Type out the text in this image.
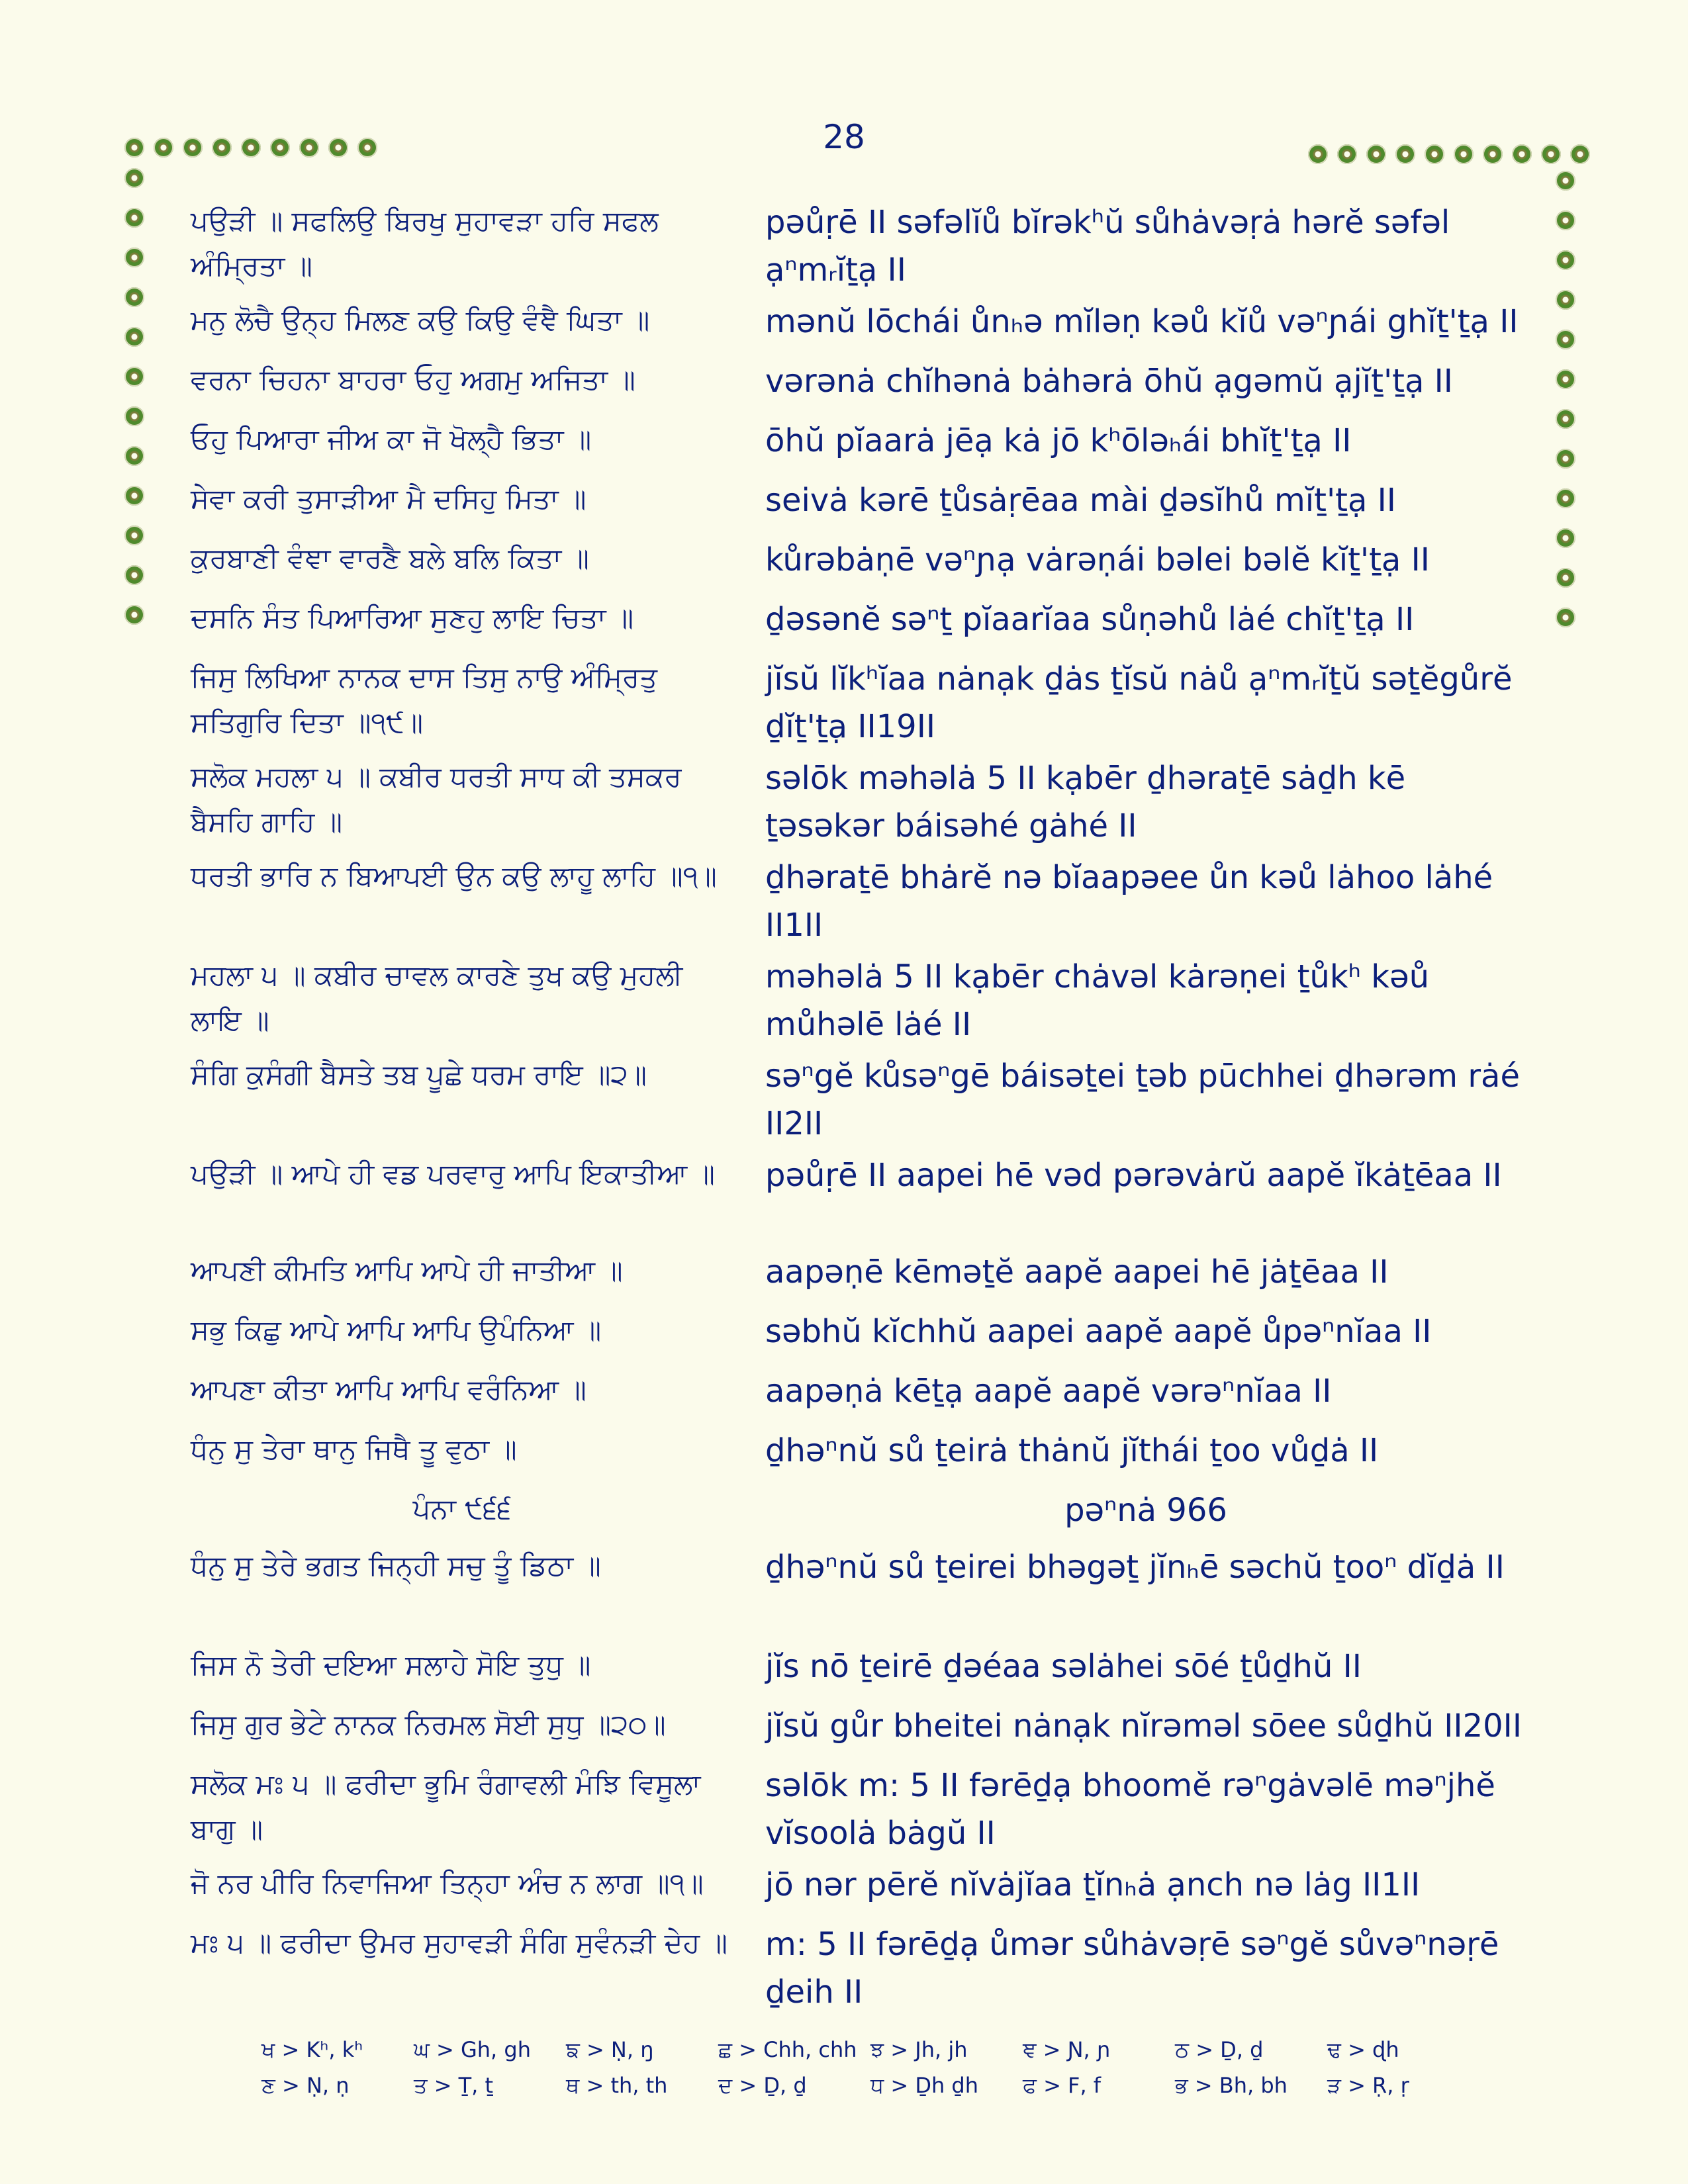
28
ਪਉੜੀ ॥ ਸਫਲਿਉ ਬਿਰਖੁ ਸੁਹਾਵੜਾ ਹਰਿ ਸਫਲ ਅੰਮ੍ਰਿਤਾ ॥
pəůṛē II səfəlĭů bĭrəkʰŭ sůhȧvəṛȧ hərĕ səfəl ạⁿmᵣĭṯạ II
ਮਨੁ ਲੋਚੈ ਉਨ੍ਹ ਮਿਲਣ ਕਉ ਕਿਉ ਵੰਞੈ ਘਿਤਾ ॥	mənŭ lōchái ůnₕə mĭləṇ kəů kĭů vəⁿɲái ghĭṯ'ṯạ II
ਵਰਨਾ ਚਿਹਨਾ ਬਾਹਰਾ ਓਹੁ ਅਗਮੁ ਅਜਿਤਾ ॥	vərənȧ chĭhənȧ bȧhərȧ ōhŭ ạgəmŭ ạjĭṯ'ṯạ II
ਓਹੁ ਪਿਆਰਾ ਜੀਅ ਕਾ ਜੋ ਖੋਲ੍ਹੈ ਭਿਤਾ ॥	ōhŭ pĭaarȧ jēạ kȧ jō kʰōləₕái bhĭṯ'ṯạ II
ਸੇਵਾ ਕਰੀ ਤੁਸਾੜੀਆ ਮੈ ਦਸਿਹੁ ਮਿਤਾ ॥	seivȧ kərē ṯůsȧṛēaa mài ḏəsĭhů mĭṯ'ṯạ II
ਕੁਰਬਾਣੀ ਵੰਞਾ ਵਾਰਣੈ ਬਲੇ ਬਲਿ ਕਿਤਾ ॥	kůrəbȧṇē vəⁿɲạ vȧrəṇái bəlei bəlĕ kĭṯ'ṯạ II
ਦਸਨਿ ਸੰਤ ਪਿਆਰਿਆ ਸੁਣਹੁ ਲਾਇ ਚਿਤਾ ॥	ḏəsənĕ səⁿṯ pĭaarĭaa sůṇəhů lȧé chĭṯ'ṯạ II
ਜਿਸੁ ਲਿਖਿਆ ਨਾਨਕ ਦਾਸ ਤਿਸੁ ਨਾਉ ਅੰਮ੍ਰਿਤੁ ਸਤਿਗੁਰਿ ਦਿਤਾ ॥੧੯॥
jĭsŭ lĭkʰĭaa nȧnạk ḏȧs ṯĭsŭ nȧů ạⁿmᵣĭṯŭ səṯĕgůrĕ ḏĭṯ'ṯạ II19II
ਸਲੋਕ ਮਹਲਾ ੫ ॥ ਕਬੀਰ ਧਰਤੀ ਸਾਧ ਕੀ ਤਸਕਰ ਬੈਸਹਿ ਗਾਹਿ ॥
səlōk məhəlȧ 5 II kạbēr ḏhəraṯē sȧḏh kē ṯəsəkər báisəhé gȧhé II
ਧਰਤੀ ਭਾਰਿ ਨ ਬਿਆਪਈ ਉਨ ਕਉ ਲਾਹੂ ਲਾਹਿ ॥੧॥	ḏhəraṯē bhȧrĕ nə bĭaapəee ůn kəů lȧhoo lȧhé II1II
ਮਹਲਾ ੫ ॥ ਕਬੀਰ ਚਾਵਲ ਕਾਰਣੇ ਤੁਖ ਕਉ ਮੁਹਲੀ ਲਾਇ ॥
məhəlȧ 5 II kạbēr chȧvəl kȧrəṇei ṯůkʰ kəů můhəlē lȧé II
ਸੰਗਿ ਕੁਸੰਗੀ ਬੈਸਤੇ ਤਬ ਪੂਛੇ ਧਰਮ ਰਾਇ ॥੨॥	səⁿgĕ kůsəⁿgē báisəṯei ṯəb pūchhei ḏhərəm rȧé II2II
ਪਉੜੀ ॥ ਆਪੇ ਹੀ ਵਡ ਪਰਵਾਰੁ ਆਪਿ ਇਕਾਤੀਆ ॥	pəůṛē II aapei hē vəd pərəvȧrŭ aapĕ ĭkȧṯēaa II
ਆਪਣੀ ਕੀਮਤਿ ਆਪਿ ਆਪੇ ਹੀ ਜਾਤੀਆ ॥	aapəṇē kēməṯĕ aapĕ aapei hē jȧṯēaa II
ਸਭੁ ਕਿਛੁ ਆਪੇ ਆਪਿ ਆਪਿ ਉਪੰਨਿਆ ॥	səbhŭ kĭchhŭ aapei aapĕ aapĕ ůpəⁿnĭaa II
ਆਪਣਾ ਕੀਤਾ ਆਪਿ ਆਪਿ ਵਰੰਨਿਆ ॥	aapəṇȧ kēṯạ aapĕ aapĕ vərəⁿnĭaa II
ਧੰਨੁ ਸੁ ਤੇਰਾ ਥਾਨੁ ਜਿਥੈ ਤੂ ਵੁਠਾ ॥	ḏhəⁿnŭ sů ṯeirȧ thȧnŭ jĭthái ṯoo vůḏȧ II
ਪੰਨਾ ੯੬੬	pəⁿnȧ 966
ਧੰਨੁ ਸੁ ਤੇਰੇ ਭਗਤ ਜਿਨ੍ਹੀ ਸਚੁ ਤੂੰ ਡਿਠਾ ॥	ḏhəⁿnŭ sů ṯeirei bhəgəṯ jĭnₕē səchŭ ṯooⁿ dĭḏȧ II
ਜਿਸ ਨੋ ਤੇਰੀ ਦਇਆ ਸਲਾਹੇ ਸੋਇ ਤੁਧੁ ॥	jĭs nō ṯeirē ḏəéaa səlȧhei sōé ṯůḏhŭ II
ਜਿਸੁ ਗੁਰ ਭੇਟੇ ਨਾਨਕ ਨਿਰਮਲ ਸੋਈ ਸੁਧੁ ॥੨੦॥	jĭsŭ gůr bheitei nȧnạk nĭrəməl sōee sůḏhŭ II20II
ਸਲੋਕ ਮਃ ੫ ॥ ਫਰੀਦਾ ਭੂਮਿ ਰੰਗਾਵਲੀ ਮੰਝਿ ਵਿਸੂਲਾ ਬਾਗੁ ॥
səlōk m: 5 II fərēḏạ bhoomĕ rəⁿgȧvəlē məⁿjhĕ vĭsoolȧ bȧgŭ II
ਜੋ ਨਰ ਪੀਰਿ ਨਿਵਾਜਿਆ ਤਿਨ੍ਹਾ ਅੰਚ ਨ ਲਾਗ ॥੧॥	jō nər pērĕ nĭvȧjĭaa ṯĭnₕȧ ạnch nə lȧg II1II
ਮਃ ੫ ॥ ਫਰੀਦਾ ਉਮਰ ਸੁਹਾਵੜੀ ਸੰਗਿ ਸੁਵੰਨੜੀ ਦੇਹ ॥ m: 5 II fərēḏạ ůmər sůhȧvəṛē səⁿgĕ sůvəⁿnəṛē ḏeih II
ਖ > Kʰ, kʰ	ਘ > Gh, gh	ਙ > Ṇ, ŋ	ਛ > Chh, chh ਝ > Jh, jh	ਞ > Ɲ, ɲ	ਠ > Ḏ, ḏ	ਢ > ɖh
ਣ > Ṇ, ṇ	ਤ > Ṯ, ṯ	ਥ > th, th	ਦ > Ḏ, ḏ	ਧ > Ḏh ḏh	ਫ > F, f	ਭ > Bh, bh	ੜ > Ṛ, ṛ
